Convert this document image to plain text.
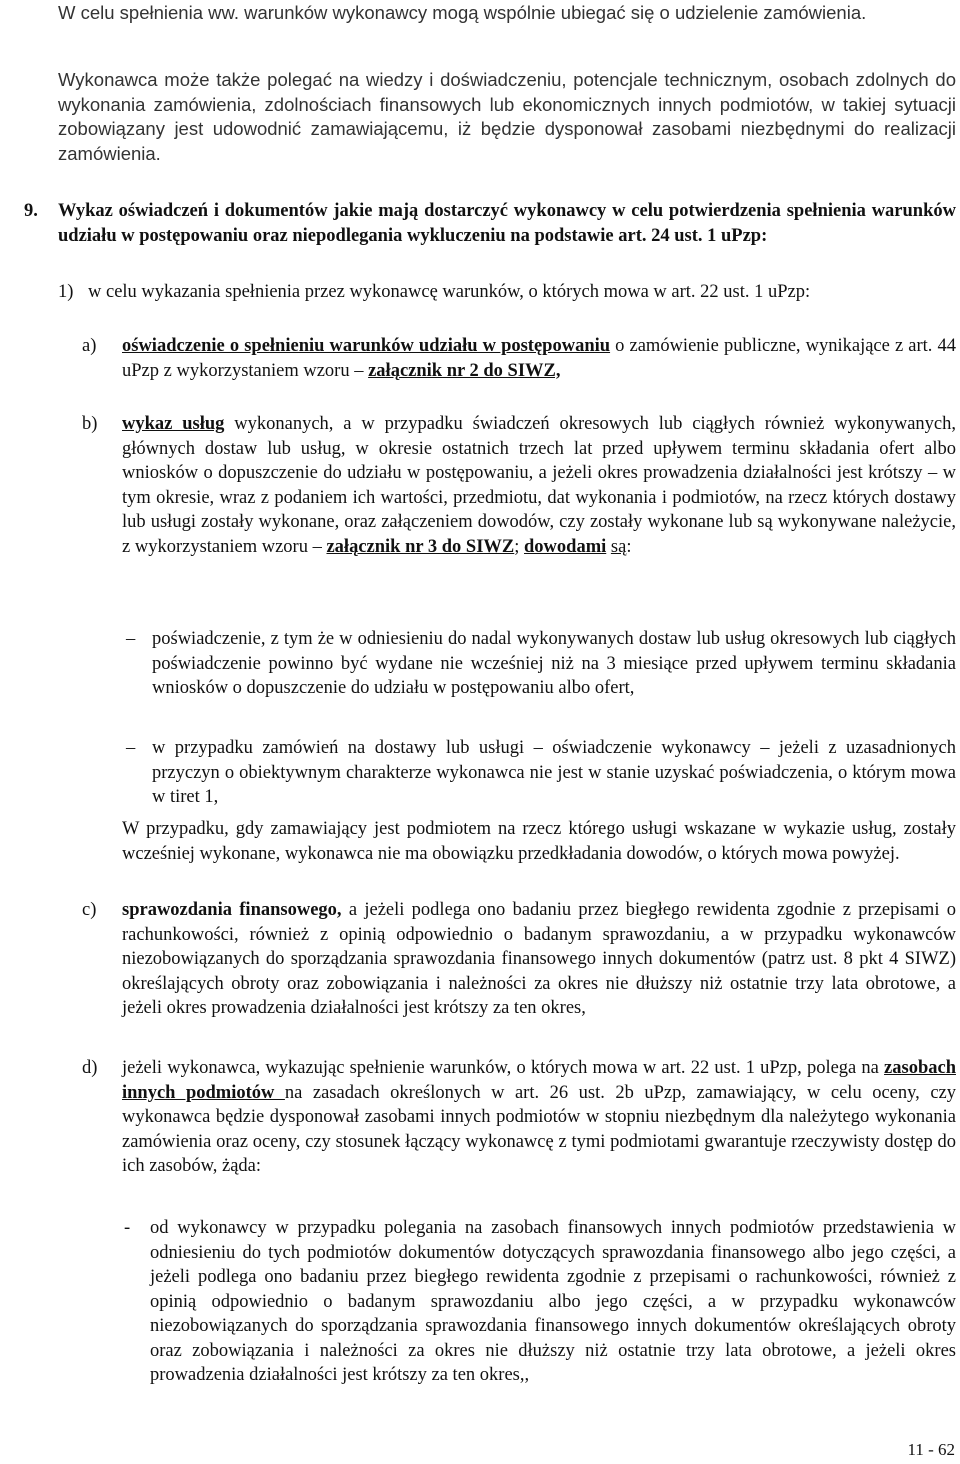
W celu spełnienia ww. warunków wykonawcy mogą wspólnie ubiegać się o udzielenie zamówienia.

Wykonawca może także polegać na wiedzy i doświadczeniu, potencjale technicznym, osobach zdolnych do wykonania zamówienia, zdolnościach finansowych lub ekonomicznych innych podmiotów, w takiej sytuacji zobowiązany jest udowodnić zamawiającemu, iż będzie dysponował zasobami niezbędnymi do realizacji zamówienia.

9. Wykaz oświadczeń i dokumentów jakie mają dostarczyć wykonawcy w celu potwierdzenia spełnienia warunków udziału w postępowaniu oraz niepodlegania wykluczeniu na podstawie art. 24 ust. 1 uPzp:

1) w celu wykazania spełnienia przez wykonawcę warunków, o których mowa w art. 22 ust. 1 uPzp:

a) oświadczenie o spełnieniu warunków udziału w postępowaniu o zamówienie publiczne, wynikające z art. 44 uPzp z wykorzystaniem wzoru – załącznik nr 2 do SIWZ,

b) wykaz usług wykonanych, a w przypadku świadczeń okresowych lub ciągłych również wykonywanych, głównych dostaw lub usług, w okresie ostatnich trzech lat przed upływem terminu składania ofert albo wniosków o dopuszczenie do udziału w postępowaniu, a jeżeli okres prowadzenia działalności jest krótszy – w tym okresie, wraz z podaniem ich wartości, przedmiotu, dat wykonania i podmiotów, na rzecz których dostawy lub usługi zostały wykonane, oraz załączeniem dowodów, czy zostały wykonane lub są wykonywane należycie, z wykorzystaniem wzoru – załącznik nr 3 do SIWZ; dowodami są:

– poświadczenie, z tym że w odniesieniu do nadal wykonywanych dostaw lub usług okresowych lub ciągłych poświadczenie powinno być wydane nie wcześniej niż na 3 miesiące przed upływem terminu składania wniosków o dopuszczenie do udziału w postępowaniu albo ofert,

– w przypadku zamówień na dostawy lub usługi – oświadczenie wykonawcy – jeżeli z uzasadnionych przyczyn o obiektywnym charakterze wykonawca nie jest w stanie uzyskać poświadczenia, o którym mowa w tiret 1,

W przypadku, gdy zamawiający jest podmiotem na rzecz którego usługi wskazane w wykazie usług, zostały wcześniej wykonane, wykonawca nie ma obowiązku przedkładania dowodów, o których mowa powyżej.

c) sprawozdania finansowego, a jeżeli podlega ono badaniu przez biegłego rewidenta zgodnie z przepisami o rachunkowości, również z opinią odpowiednio o badanym sprawozdaniu, a w przypadku wykonawców niezobowiązanych do sporządzania sprawozdania finansowego innych dokumentów (patrz ust. 8 pkt 4 SIWZ) określających obroty oraz zobowiązania i należności za okres nie dłuższy niż ostatnie trzy lata obrotowe, a jeżeli okres prowadzenia działalności jest krótszy za ten okres,

d) jeżeli wykonawca, wykazując spełnienie warunków, o których mowa w art. 22 ust. 1 uPzp, polega na zasobach innych podmiotów na zasadach określonych w art. 26 ust. 2b uPzp, zamawiający, w celu oceny, czy wykonawca będzie dysponował zasobami innych podmiotów w stopniu niezbędnym dla należytego wykonania zamówienia oraz oceny, czy stosunek łączący wykonawcę z tymi podmiotami gwarantuje rzeczywisty dostęp do ich zasobów, żąda:

- od wykonawcy w przypadku polegania na zasobach finansowych innych podmiotów przedstawienia w odniesieniu do tych podmiotów dokumentów dotyczących sprawozdania finansowego albo jego części, a jeżeli podlega ono badaniu przez biegłego rewidenta zgodnie z przepisami o rachunkowości, również z opinią odpowiednio o badanym sprawozdaniu albo jego części, a w przypadku wykonawców niezobowiązanych do sporządzania sprawozdania finansowego innych dokumentów określających obroty oraz zobowiązania i należności za okres nie dłuższy niż ostatnie trzy lata obrotowe, a jeżeli okres prowadzenia działalności jest krótszy za ten okres,,

11 - 62
